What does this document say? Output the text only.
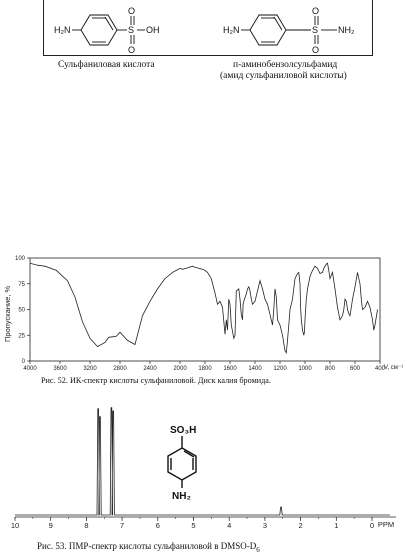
H₂N	S
O
O
OH	H₂N	S
O
O
NH₂
Сульфаниловая кислота	п-аминобензолсульфамид
(амид сульфаниловой кислоты)
Пропускание, %
100
75
50
25
0
4000	3600	3200	2800	2400	2000 1800 1600 1400 1200 1000 800 600 400
V, см⁻¹
Рис. 52. ИК-спектр кислоты сульфаниловой. Диск калия бромида.
10	9	8	7	6	5	4	3	2	1	0 PPM
SO₃H
NH₂
Рис. 53. ПМР-спектр кислоты сульфаниловой в DMSO-$D_6$
